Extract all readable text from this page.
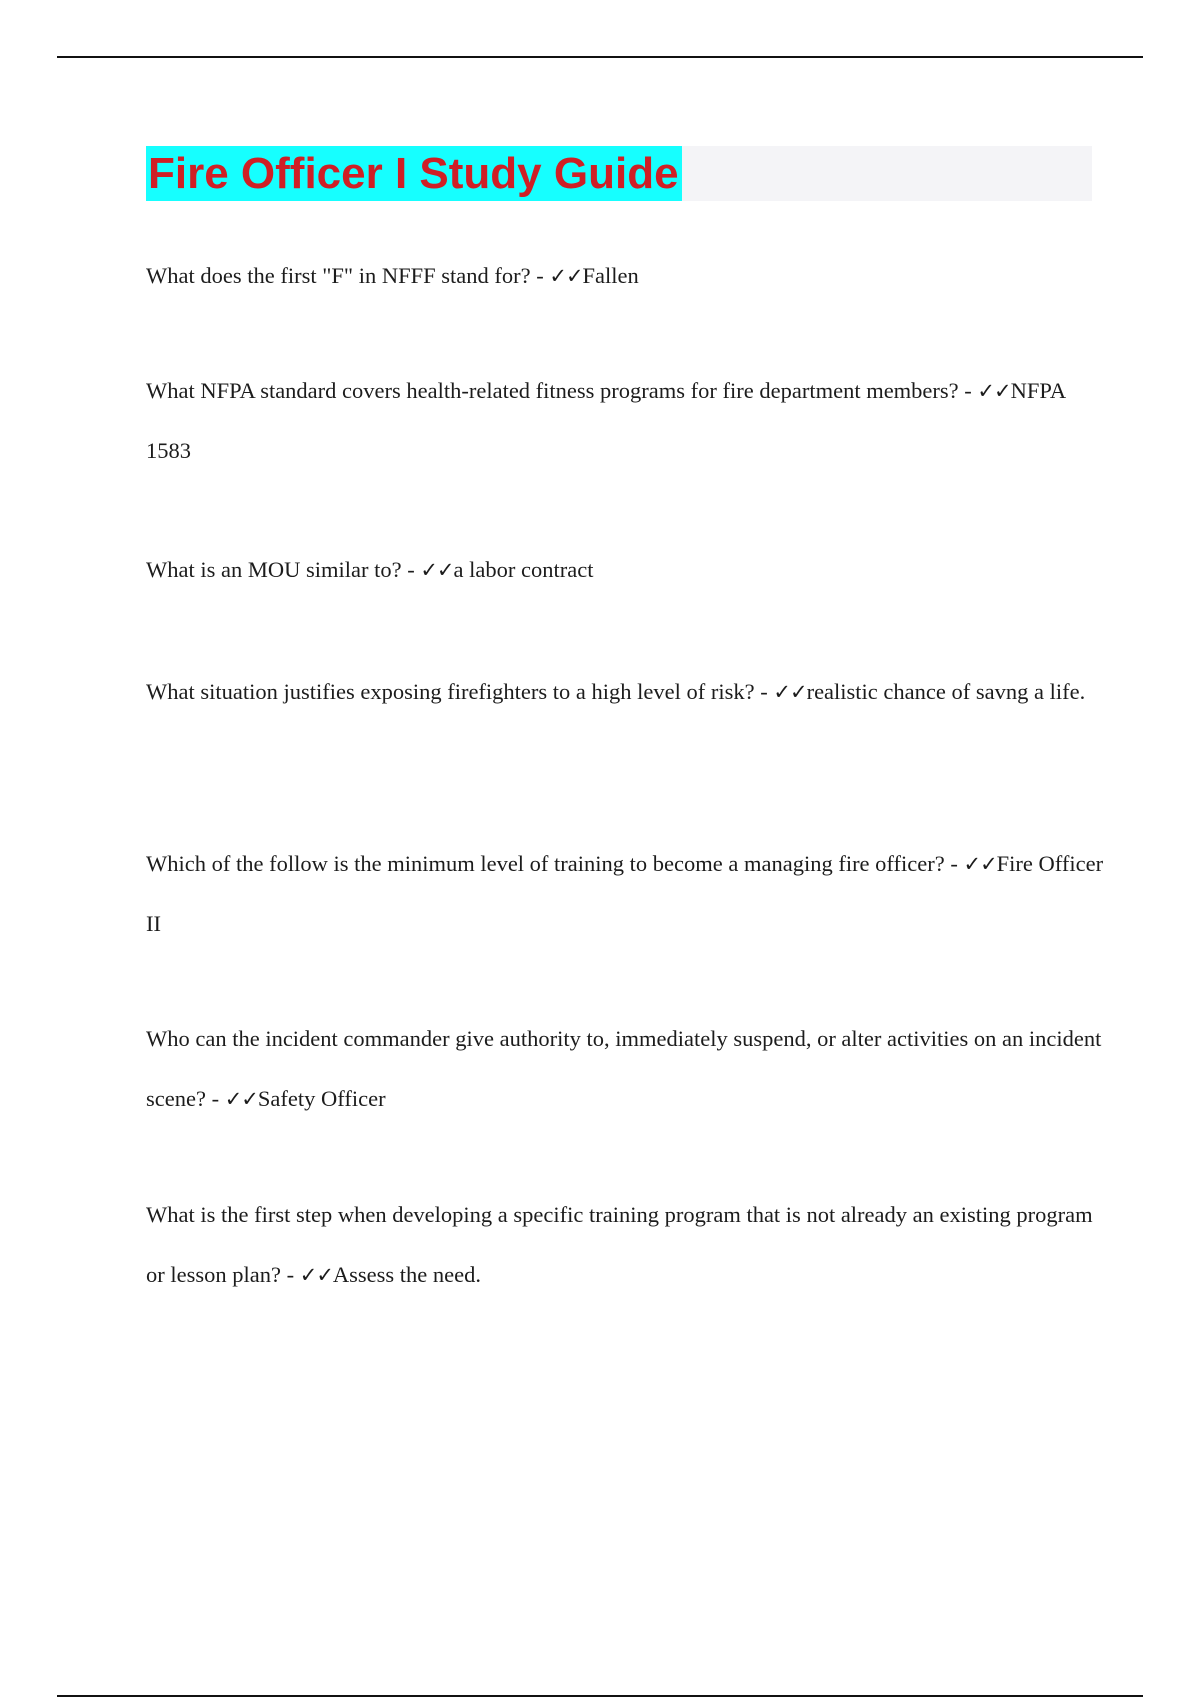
Fire Officer I Study Guide

What does the first "F" in NFFF stand for? - ✓✓Fallen

What NFPA standard covers health-related fitness programs for fire department members? - ✓✓NFPA 1583

What is an MOU similar to? - ✓✓a labor contract

What situation justifies exposing firefighters to a high level of risk? - ✓✓realistic chance of savng a life.

Which of the follow is the minimum level of training to become a managing fire officer? - ✓✓Fire Officer II

Who can the incident commander give authority to, immediately suspend, or alter activities on an incident scene? - ✓✓Safety Officer

What is the first step when developing a specific training program that is not already an existing program or lesson plan? - ✓✓Assess the need.
